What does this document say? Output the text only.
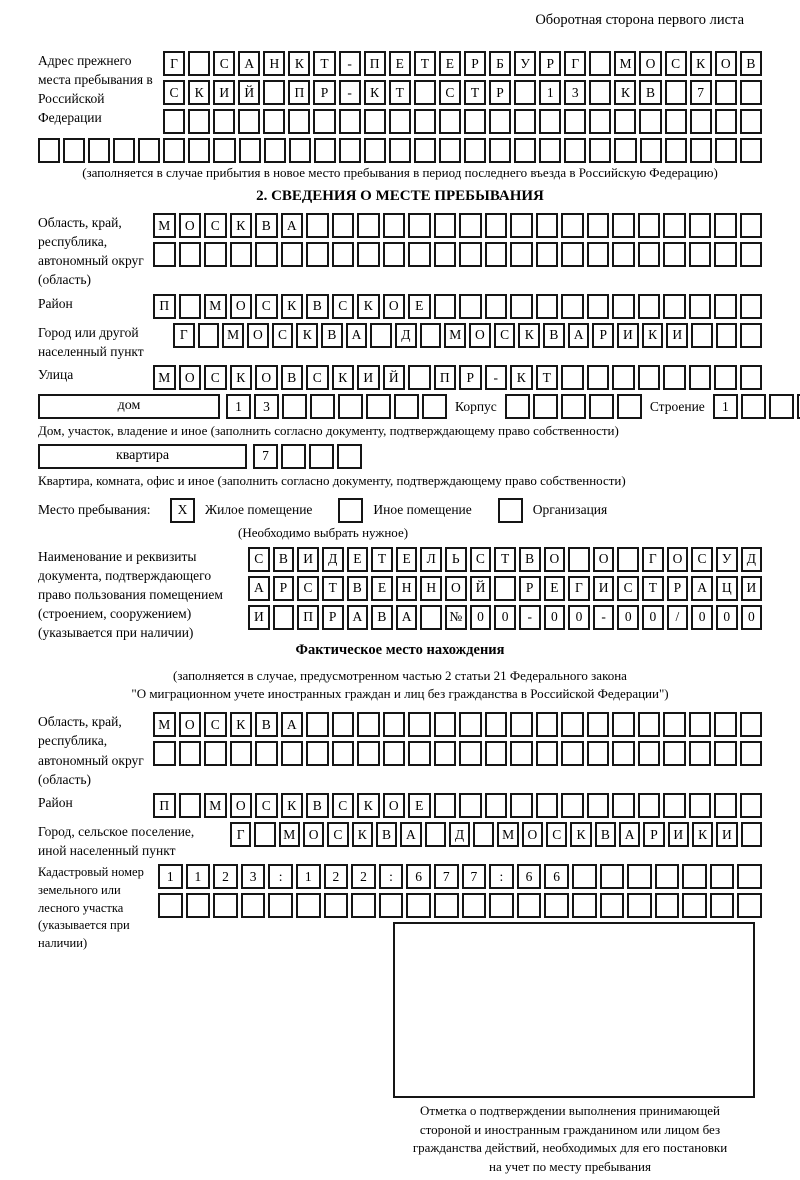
Оборотная сторона первого листа
Адрес прежнего места пребывания в Российской Федерации
Г	С	А	Н	К	Т	-	П	Е	Т	Е	Р	Б	У	Р	Г	М	О	С	К	О	В
С	К	И	Й	П	Р	-	К	Т	С	Т	Р	1	3	К	В	7
(заполняется в случае прибытия в новое место пребывания в период последнего въезда в Российскую Федерацию)
2. СВЕДЕНИЯ О МЕСТЕ ПРЕБЫВАНИЯ
Область, край, республика, автономный округ (область)
М	О	С	К	В	А
Район	П	М	О	С	К	В	С	К	О	Е
Город или другой населенный пункт
Г	М	О	С	К	В	А	Д	М	О	С	К	В	А	Р	И	К	И
Улица	М	О	С	К	О	В	С	К	И	Й	П	Р	-	К	Т
дом	1	3	Корпус	Строение	1
Дом, участок, владение и иное (заполнить согласно документу, подтверждающему право собственности)
квартира	7
Квартира, комната, офис и иное (заполнить согласно документу, подтверждающему право собственности)
Место пребывания:	X	Жилое помещение	Иное помещение	Организация
(Необходимо выбрать нужное)
Наименование и реквизиты документа, подтверждающего право пользования помещением (строением, сооружением) (указывается при наличии)
С	В	И	Д	Е	Т	Е	Л	Ь	С	Т	В	О	О	Г	О	С	У	Д
А	Р	С	Т	В	Е	Н	Н	О	Й	Р	Е	Г	И	С	Т	Р	А	Ц	И
И	П	Р	А	В	А	№	0	0	-	0	0	-	0	0	/	0	0	0
Фактическое место нахождения
(заполняется в случае, предусмотренном частью 2 статьи 21 Федерального закона
"О миграционном учете иностранных граждан и лиц без гражданства в Российской Федерации")
Область, край, республика, автономный округ (область)
М	О	С	К	В	А
Район	П	М	О	С	К	В	С	К	О	Е
Город, сельское поселение, иной населенный пункт
Г	М О	С	К	В	А	Д	М О	С	К	В	А	Р	И	К	И
Кадастровый номер земельного или лесного участка (указывается при наличии)
1	1	2	3	:	1	2	2	:	6	7	7	:	6	6
Отметка о подтверждении выполнения принимающей
стороной и иностранным гражданином или лицом без
гражданства действий, необходимых для его постановки
на учет по месту пребывания
